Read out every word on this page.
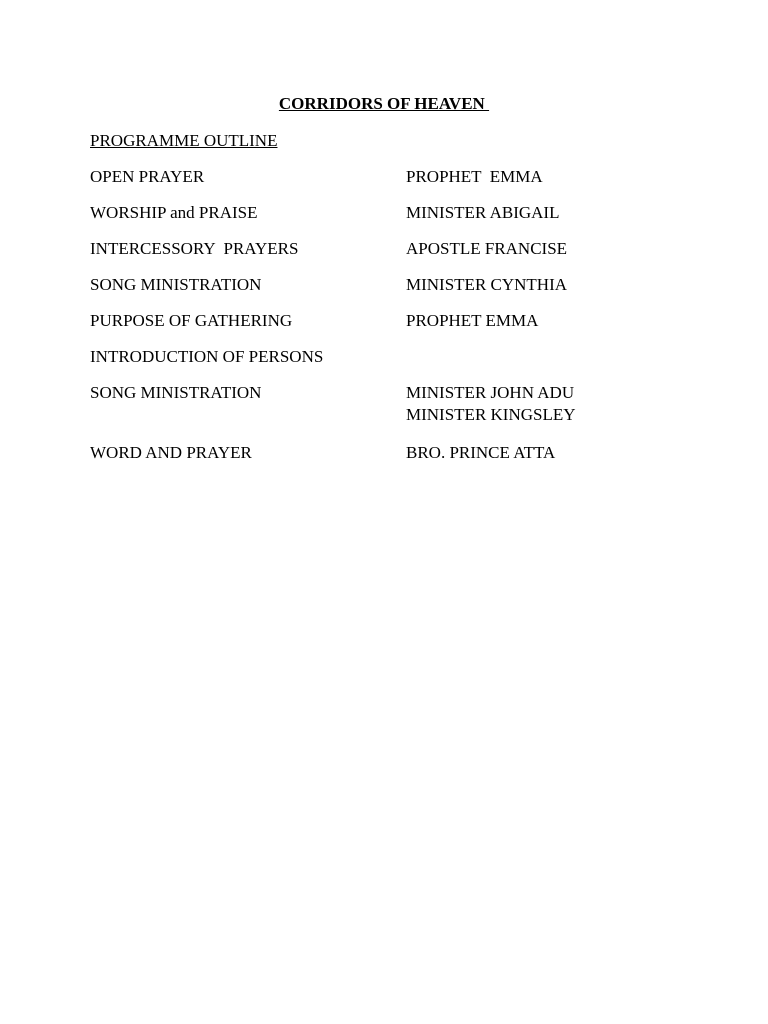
CORRIDORS OF HEAVEN
PROGRAMME OUTLINE
OPEN PRAYER	PROPHET  EMMA
WORSHIP and PRAISE	MINISTER ABIGAIL
INTERCESSORY  PRAYERS	APOSTLE FRANCISE
SONG MINISTRATION	MINISTER CYNTHIA
PURPOSE OF GATHERING	PROPHET EMMA
INTRODUCTION OF PERSONS
SONG MINISTRATION	MINISTER JOHN ADU
MINISTER KINGSLEY
WORD AND PRAYER	BRO. PRINCE ATTA
